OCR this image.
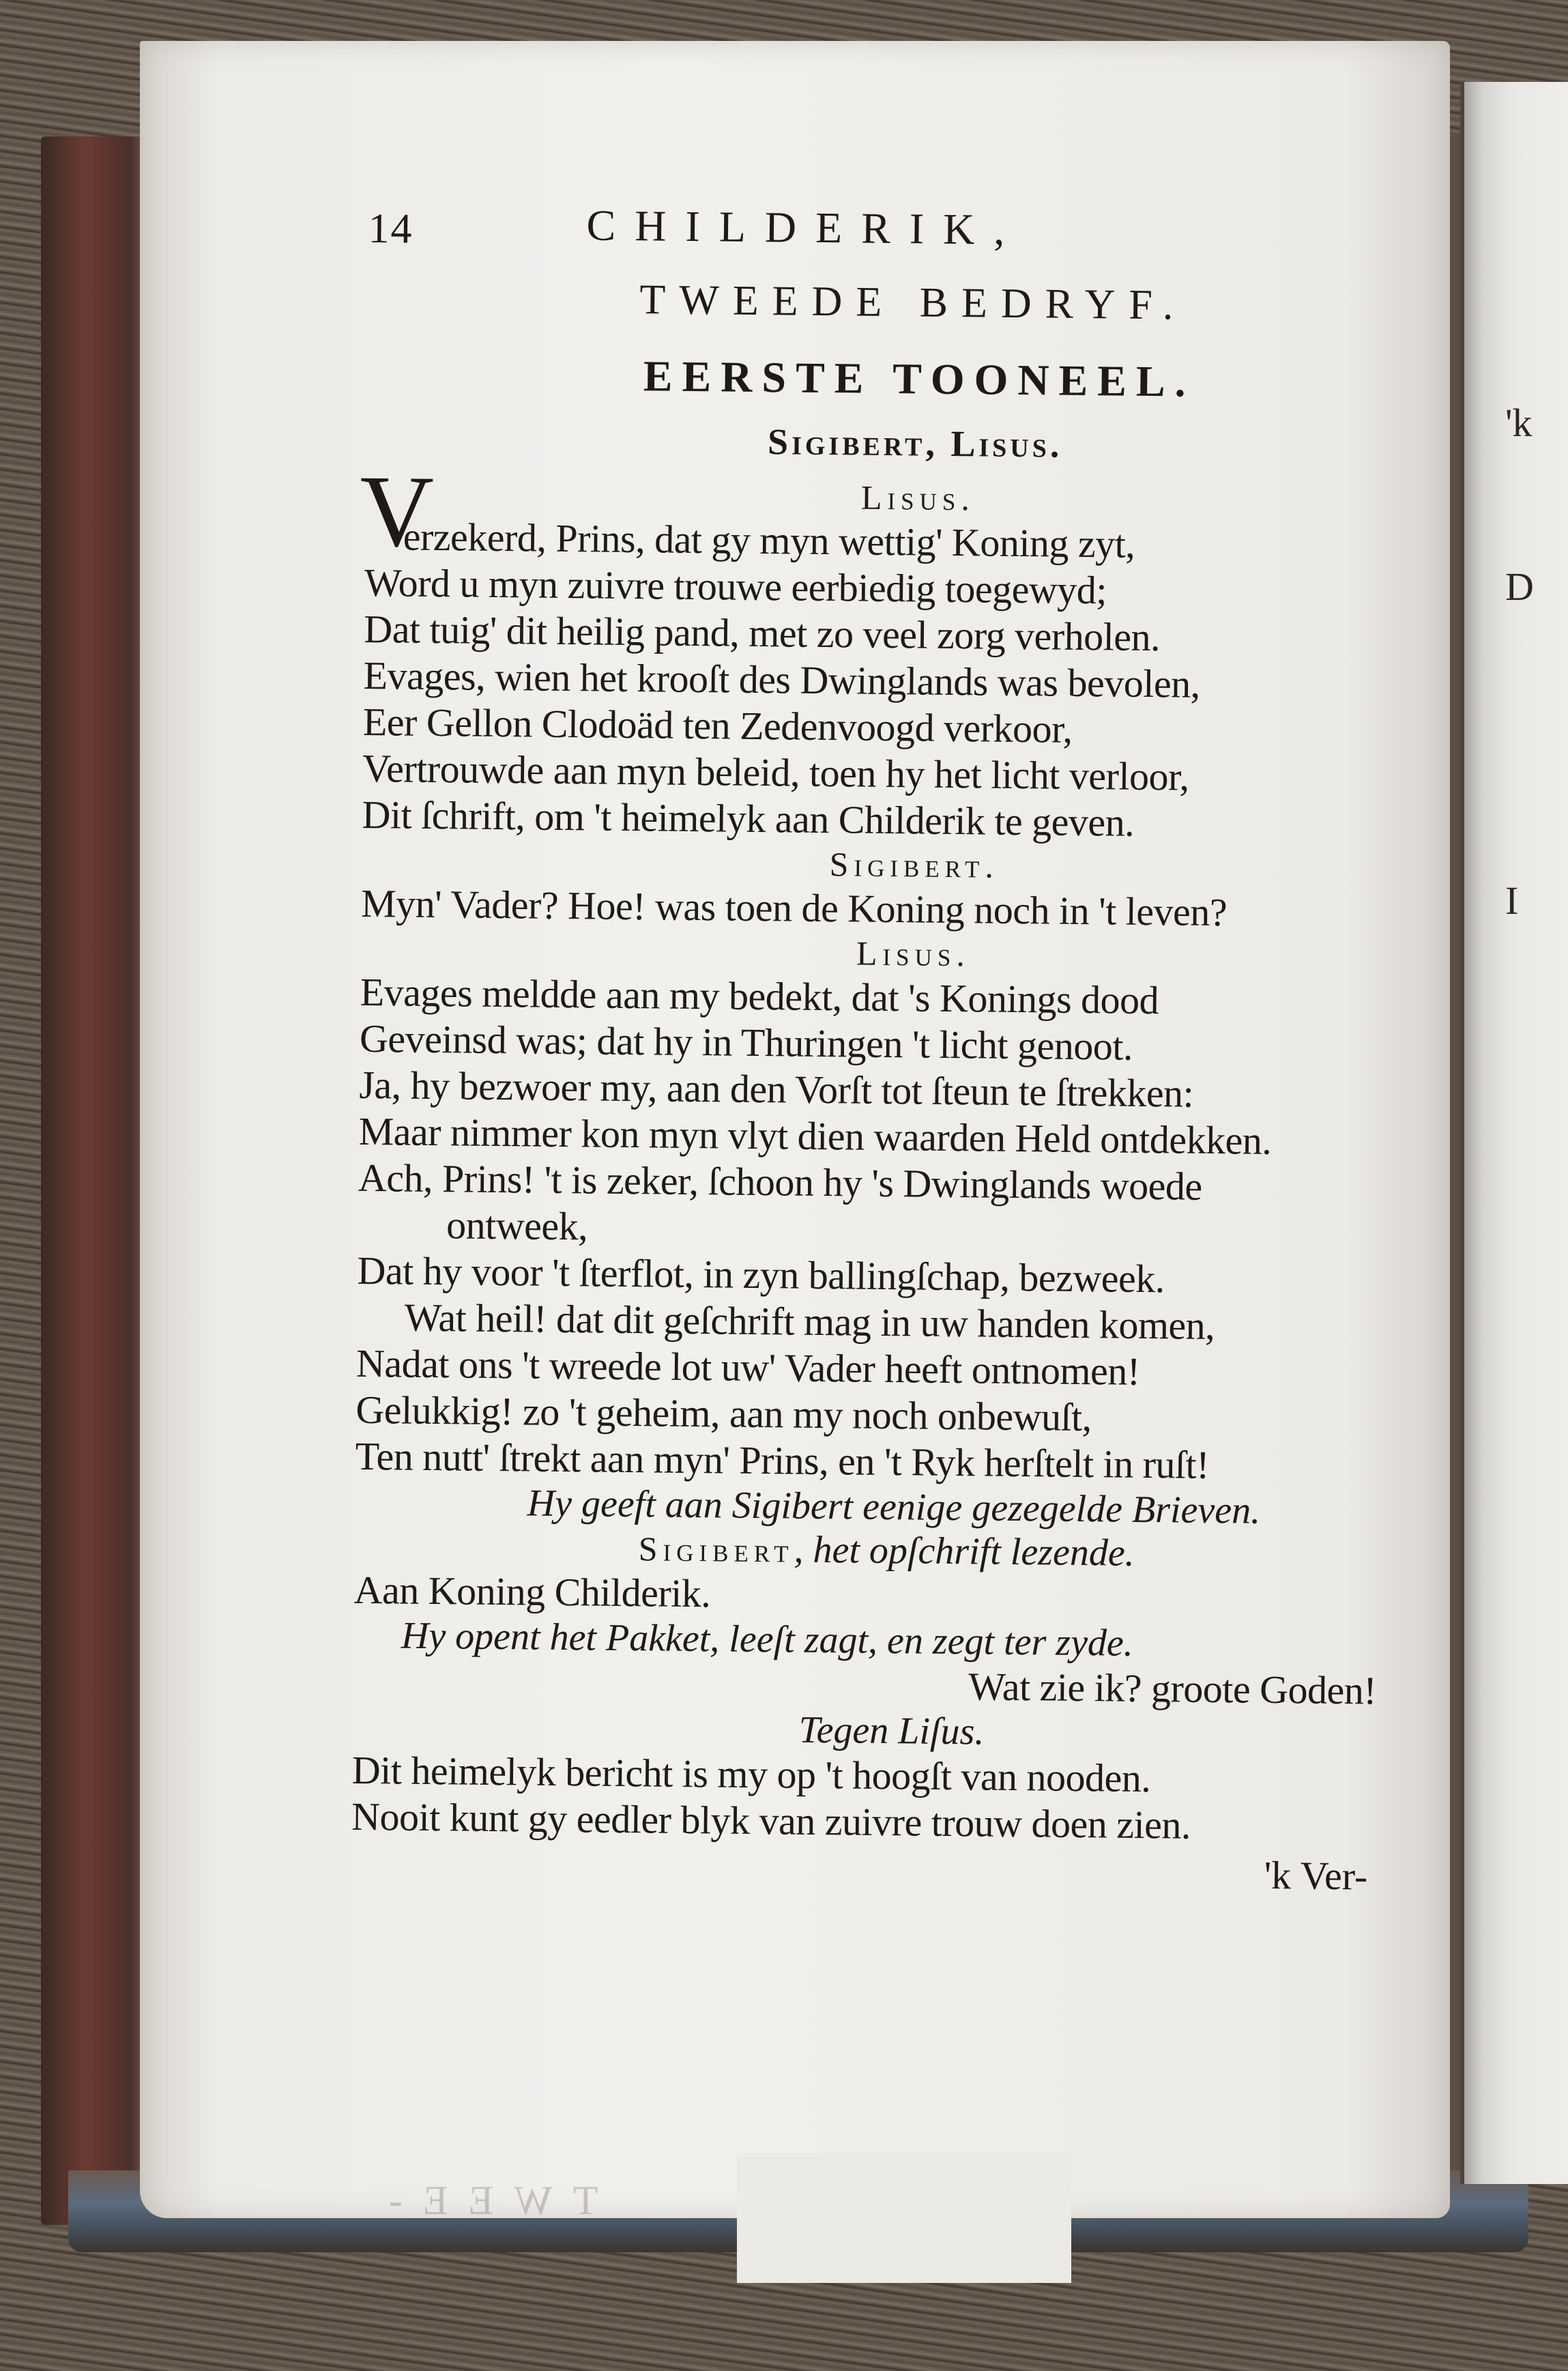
'k

D

I

TWEE-
14	CHILDERIK,
TWEEDE BEDRYF.
EERSTE TOONEEL.
Sigibert, Lisus.
Lisus.
V
erzekerd, Prins, dat gy myn wettig' Koning zyt,
Word u myn zuivre trouwe eerbiedig toegewyd;
Dat tuig' dit heilig pand, met zo veel zorg verholen.
Evages, wien het krooſt des Dwinglands was bevolen,
Eer Gellon Clodoäd ten Zedenvoogd verkoor,
Vertrouwde aan myn beleid, toen hy het licht verloor,
Dit ſchrift, om 't heimelyk aan Childerik te geven.
Sigibert.
Myn' Vader? Hoe! was toen de Koning noch in 't leven?
Lisus.
Evages meldde aan my bedekt, dat 's Konings dood
Geveinsd was; dat hy in Thuringen 't licht genoot.
Ja, hy bezwoer my, aan den Vorſt tot ſteun te ſtrekken:
Maar nimmer kon myn vlyt dien waarden Held ontdekken.
Ach, Prins! 't is zeker, ſchoon hy 's Dwinglands woede
ontweek,
Dat hy voor 't ſterflot, in zyn ballingſchap, bezweek.
Wat heil! dat dit geſchrift mag in uw handen komen,
Nadat ons 't wreede lot uw' Vader heeft ontnomen!
Gelukkig! zo 't geheim, aan my noch onbewuſt,
Ten nutt' ſtrekt aan myn' Prins, en 't Ryk herſtelt in ruſt!
Hy geeft aan Sigibert eenige gezegelde Brieven.
Sigibert, het opſchrift lezende.
Aan Koning Childerik.
Hy opent het Pakket, leeſt zagt, en zegt ter zyde.
Wat zie ik? groote Goden!
Tegen Liſus.
Dit heimelyk bericht is my op 't hoogſt van nooden.
Nooit kunt gy eedler blyk van zuivre trouw doen zien.
'k Ver-
